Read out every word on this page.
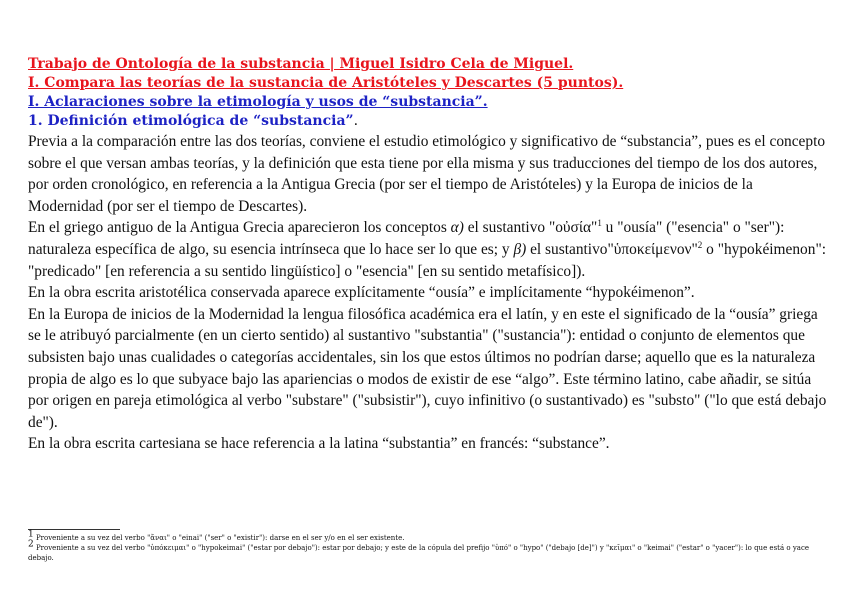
Trabajo de Ontología de la substancia | Miguel Isidro Cela de Miguel.
I. Compara las teorías de la sustancia de Aristóteles y Descartes (5 puntos).
I. Aclaraciones sobre la etimología y usos de “substancia”.
1. Definición etimológica de “substancia”.

Previa a la comparación entre las dos teorías, conviene el estudio etimológico y significativo de “substancia”, pues es el concepto sobre el que versan ambas teorías, y la definición que esta tiene por ella misma y sus traducciones del tiempo de los dos autores, por orden cronológico, en referencia a la Antigua Grecia (por ser el tiempo de Aristóteles) y la Europa de inicios de la Modernidad (por ser el tiempo de Descartes).

En el griego antiguo de la Antigua Grecia aparecieron los conceptos α) el sustantivo "οὐσία"$^1$ u "ousía" ("esencia" o "ser"): naturaleza específica de algo, su esencia intrínseca que lo hace ser lo que es; y β) el sustantivo"ὑποκείμενον"$^2$ o "hypokéimenon": "predicado" [en referencia a su sentido lingüístico] o "esencia" [en su sentido metafísico]).

En la obra escrita aristotélica conservada aparece explícitamente “ousía” e implícitamente “hypokéimenon”.

En la Europa de inicios de la Modernidad la lengua filosófica académica era el latín, y en este el significado de la “ousía” griega se le atribuyó parcialmente (en un cierto sentido) al sustantivo "substantia" ("sustancia"): entidad o conjunto de elementos que subsisten bajo unas cualidades o categorías accidentales, sin los que estos últimos no podrían darse; aquello que es la naturaleza propia de algo es lo que subyace bajo las apariencias o modos de existir de ese “algo”. Este término latino, cabe añadir, se sitúa por origen en pareja etimológica al verbo "substare" ("subsistir"), cuyo infinitivo (o sustantivado) es "substo" ("lo que está debajo de").

En la obra escrita cartesiana se hace referencia a la latina “substantia” en francés: “substance”.

$^1$ Proveniente a su vez del verbo "ἄναι" o "einai" ("ser" o "existir"): darse en el ser y/o en el ser existente.
$^2$ Proveniente a su vez del verbo "ὑπόκειμαι" o "hypokeimai" ("estar por debajo"): estar por debajo; y este de la cópula del prefijo "ὑπό" o "hypo" ("debajo [de]") y "κεῖμαι" o "keimai" ("estar" o "yacer"): lo que está o yace debajo.
